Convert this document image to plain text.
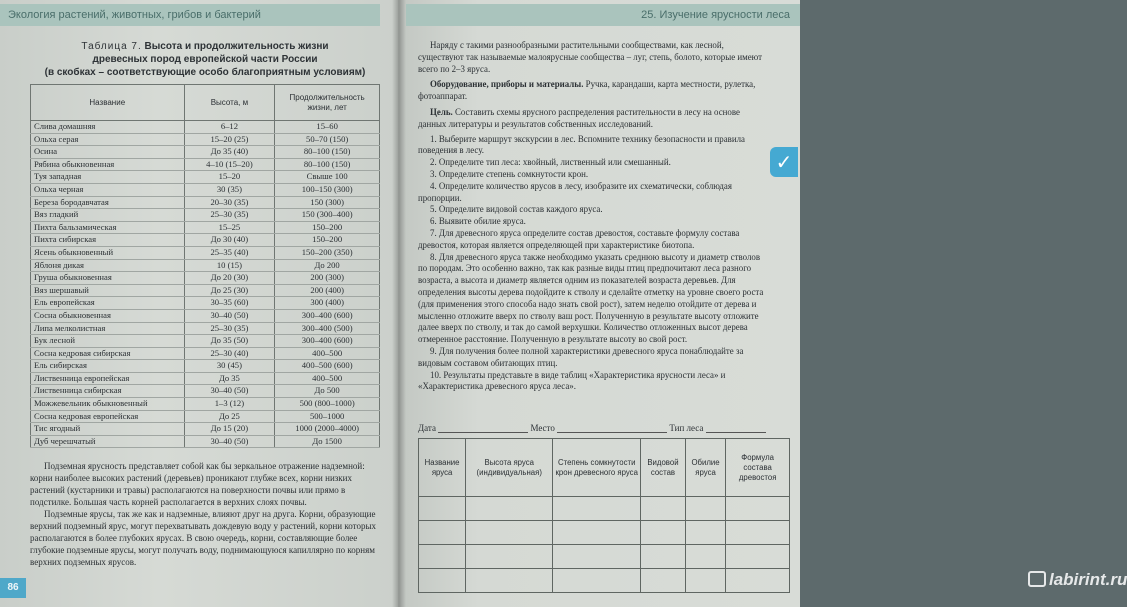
Экология растений, животных, грибов и бактерий
Таблица 7. Высота и продолжительность жизни
древесных пород европейской части России
(в скобках – соответствующие особо благоприятным условиям)
Название	Высота, м	Продолжительность жизни, лет
Слива домашняя	6–12	15–60
Ольха серая	15–20 (25)	50–70 (150)
Осина	До 35 (40)	80–100 (150)
Рябина обыкновенная	4–10 (15–20)	80–100 (150)
Туя западная	15–20	Свыше 100
Ольха черная	30 (35)	100–150 (300)
Береза бородавчатая	20–30 (35)	150 (300)
Вяз гладкий	25–30 (35)	150 (300–400)
Пихта бальзамическая	15–25	150–200
Пихта сибирская	До 30 (40)	150–200
Ясень обыкновенный	25–35 (40)	150–200 (350)
Яблоня дикая	10 (15)	До 200
Груша обыкновенная	До 20 (30)	200 (300)
Вяз шершавый	До 25 (30)	200 (400)
Ель европейская	30–35 (60)	300 (400)
Сосна обыкновенная	30–40 (50)	300–400 (600)
Липа мелколистная	25–30 (35)	300–400 (500)
Бук лесной	До 35 (50)	300–400 (600)
Сосна кедровая сибирская	25–30 (40)	400–500
Ель сибирская	30 (45)	400–500 (600)
Лиственница европейская	До 35	400–500
Лиственница сибирская	30–40 (50)	До 500
Можжевельник обыкновенный	1–3 (12)	500 (800–1000)
Сосна кедровая европейская	До 25	500–1000
Тис ягодный	До 15 (20)	1000 (2000–4000)
Дуб черешчатый	30–40 (50)	До 1500

Подземная ярусность представляет собой как бы зеркальное отражение надземной: корни наиболее высоких растений (деревьев) проникают глубже всех, корни низких растений (кустарники и травы) располагаются на поверхности почвы или прямо в подстилке. Большая часть корней располагается в верхних слоях почвы.

Подземные ярусы, так же как и надземные, влияют друг на друга. Корни, образующие верхний подземный ярус, могут перехватывать дождевую воду у растений, корни которых располагаются в более глубоких ярусах. В свою очередь, корни, составляющие более глубокие подземные ярусы, могут получать воду, поднимающуюся капиллярно по корням верхних подземных ярусов.

86
25. Изучение ярусности леса

Наряду с такими разнообразными растительными сообществами, как лесной, существуют так называемые малоярусные сообщества – луг, степь, болото, которые имеют всего по 2–3 яруса.

Оборудование, приборы и материалы. Ручка, карандаши, карта местности, рулетка, фотоаппарат.

Цель. Составить схемы ярусного распределения растительности в лесу на основе данных литературы и результатов собственных исследований.

1. Выберите маршрут экскурсии в лес. Вспомните технику безопасности и правила поведения в лесу.

2. Определите тип леса: хвойный, лиственный или смешанный.

3. Определите степень сомкнутости крон.

4. Определите количество ярусов в лесу, изобразите их схематически, соблюдая пропорции.

5. Определите видовой состав каждого яруса.

6. Выявите обилие яруса.

7. Для древесного яруса определите состав древостоя, составьте формулу состава древостоя, которая является определяющей при характеристике биотопа.

8. Для древесного яруса также необходимо указать среднюю высоту и диаметр стволов по породам. Это особенно важно, так как разные виды птиц предпочитают леса разного возраста, а высота и диаметр является одним из показателей возраста деревьев. Для определения высоты дерева подойдите к стволу и сделайте отметку на уровне своего роста (для применения этого способа надо знать свой рост), затем неделю отойдите от дерева и мысленно отложите вверх по стволу ваш рост. Полученную в результате высоту отложите далее вверх по стволу, и так до самой верхушки. Количество отложенных высот дерева отмеренное расстояние. Полученную в результате высоту во свой рост.

9. Для получения более полной характеристики древесного яруса понаблюдайте за видовым составом обитающих птиц.

10. Результаты представьте в виде таблиц «Характеристика ярусности леса» и «Характеристика древесного яруса леса».

✓
Дата	Место	Тип леса
Название яруса	Высота яруса (индивидуальная)	Степень сомкнутости крон древесного яруса	Видовой состав	Обилие яруса	Формула состава древостоя

labirint.ru
